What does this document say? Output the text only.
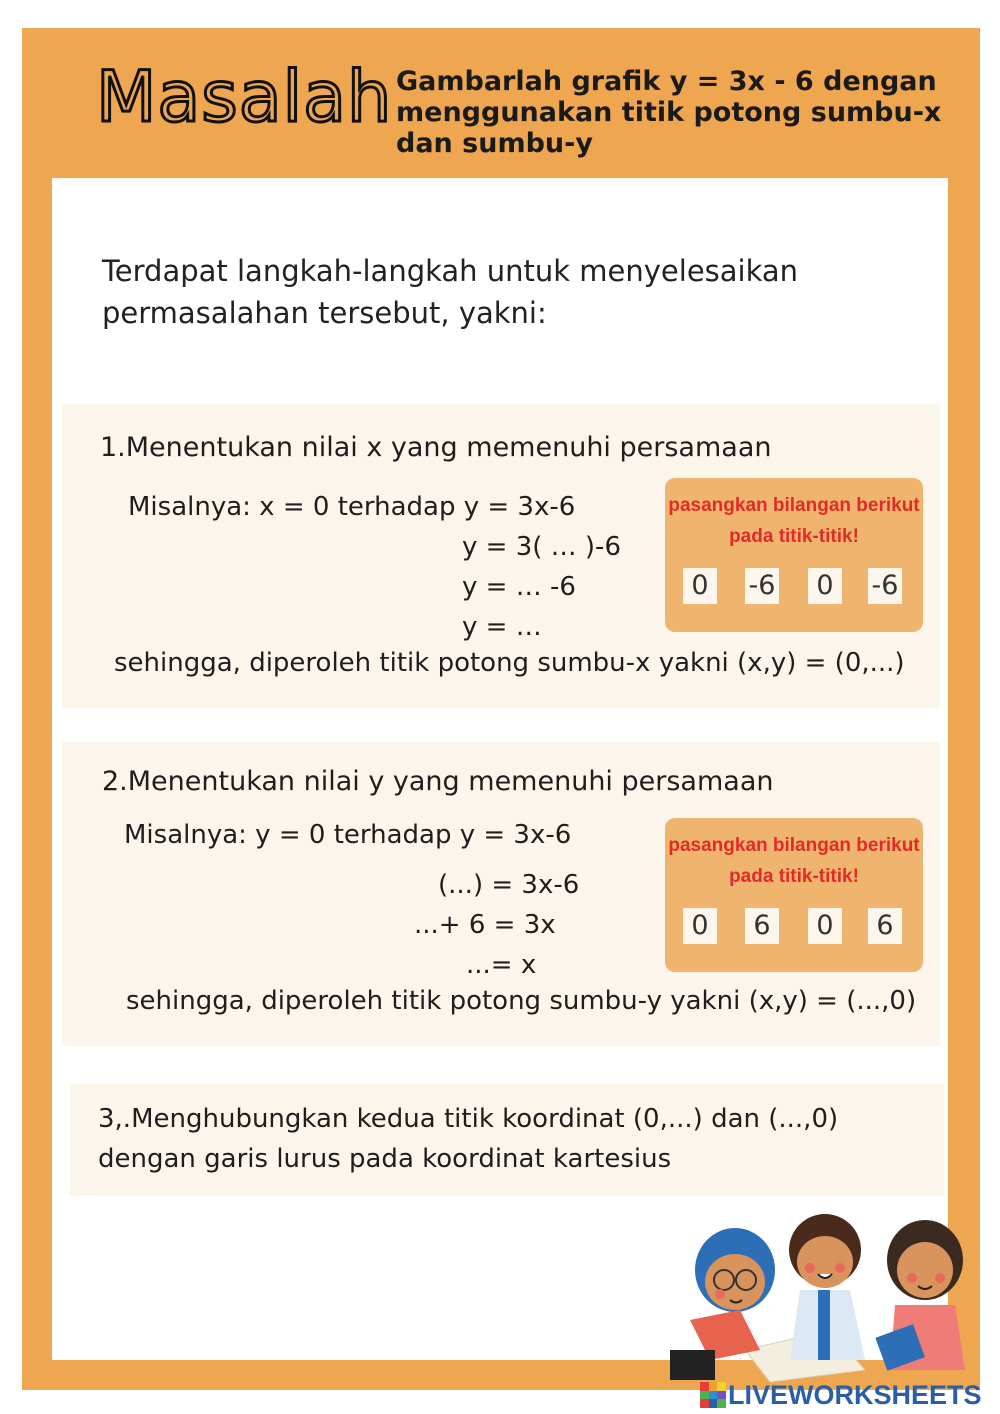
Masalah Gambarlah grafik y = 3x - 6 dengan menggunakan titik potong sumbu-x dan sumbu-y
Terdapat langkah-langkah untuk menyelesaikan
permasalahan tersebut, yakni:
1.Menentukan nilai x yang memenuhi persamaan
Misalnya: x = 0 terhadap y = 3x-6
y = 3( … )-6
y = … -6
y = …
sehingga, diperoleh titik potong sumbu-x yakni (x,y) = (0,...)
pasangkan bilangan berikut
pada titik-titik!
0	-6	0	-6
2.Menentukan nilai y yang memenuhi persamaan
Misalnya: y = 0 terhadap y = 3x-6
(...) = 3x-6
...+ 6 = 3x
...= x
sehingga, diperoleh titik potong sumbu-y yakni (x,y) = (...,0)
pasangkan bilangan berikut
pada titik-titik!
0	6	0	6
3,.Menghubungkan kedua titik koordinat (0,...) dan (...,0)
dengan garis lurus pada koordinat kartesius
LIVEWORKSHEETS
